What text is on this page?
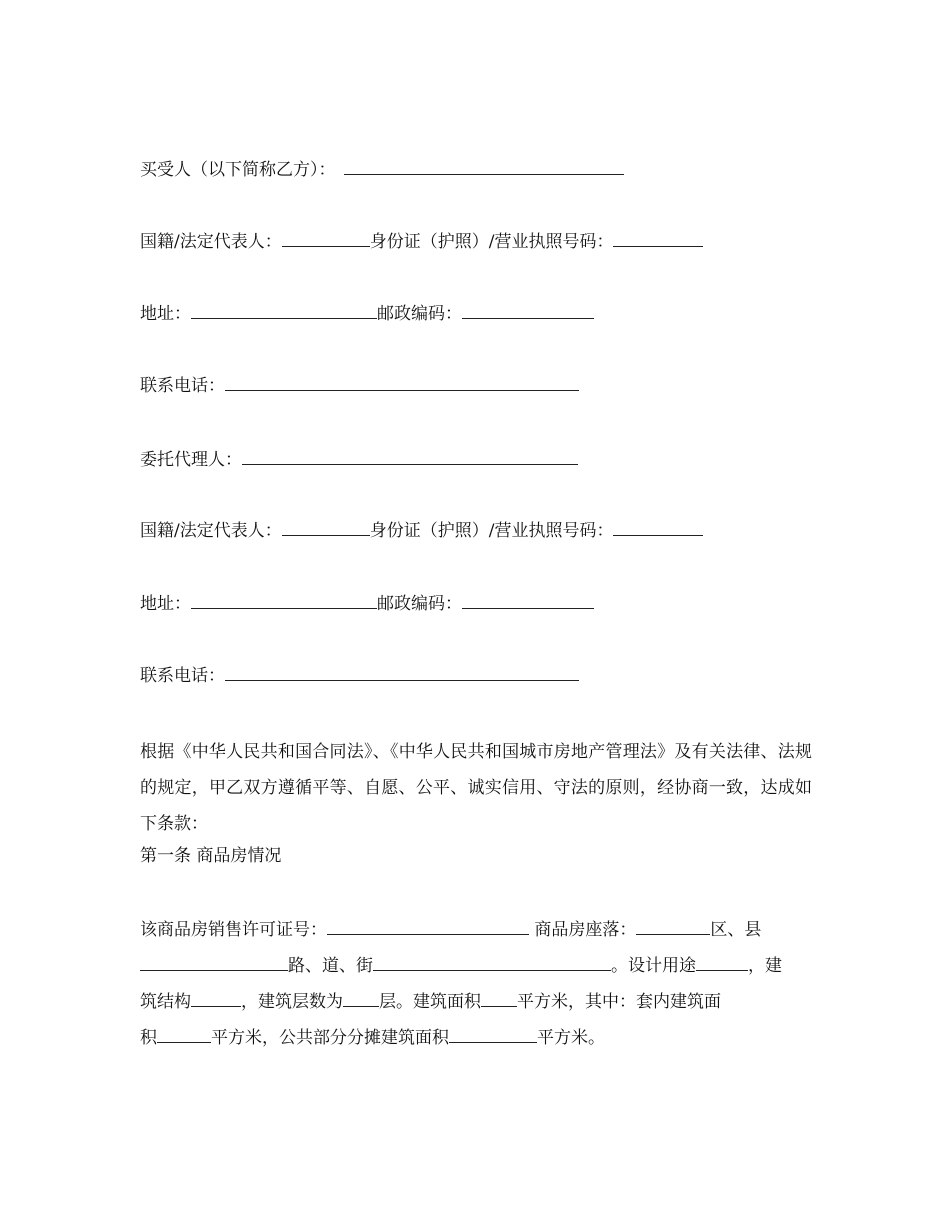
买受人（以下简称乙方）：
国籍/法定代表人：	身份证（护照）/营业执照号码：
地址：	邮政编码：
联系电话：
委托代理人：
国籍/法定代表人：	身份证（护照）/营业执照号码：
地址：	邮政编码：
联系电话：
根据《中华人民共和国合同法》、《中华人民共和国城市房地产管理法》及有关法律、法规的规定，甲乙双方遵循平等、自愿、公平、诚实信用、守法的原则，经协商一致，达成如下条款：
第一条 商品房情况
该商品房销售许可证号：	商品房座落：	区、县
路、道、街	。设计用途	，建
筑结构	，建筑层数为 层。建筑面积 平方米，其中：套内建筑面
积	平方米，公共部分分摊建筑面积	平方米。
